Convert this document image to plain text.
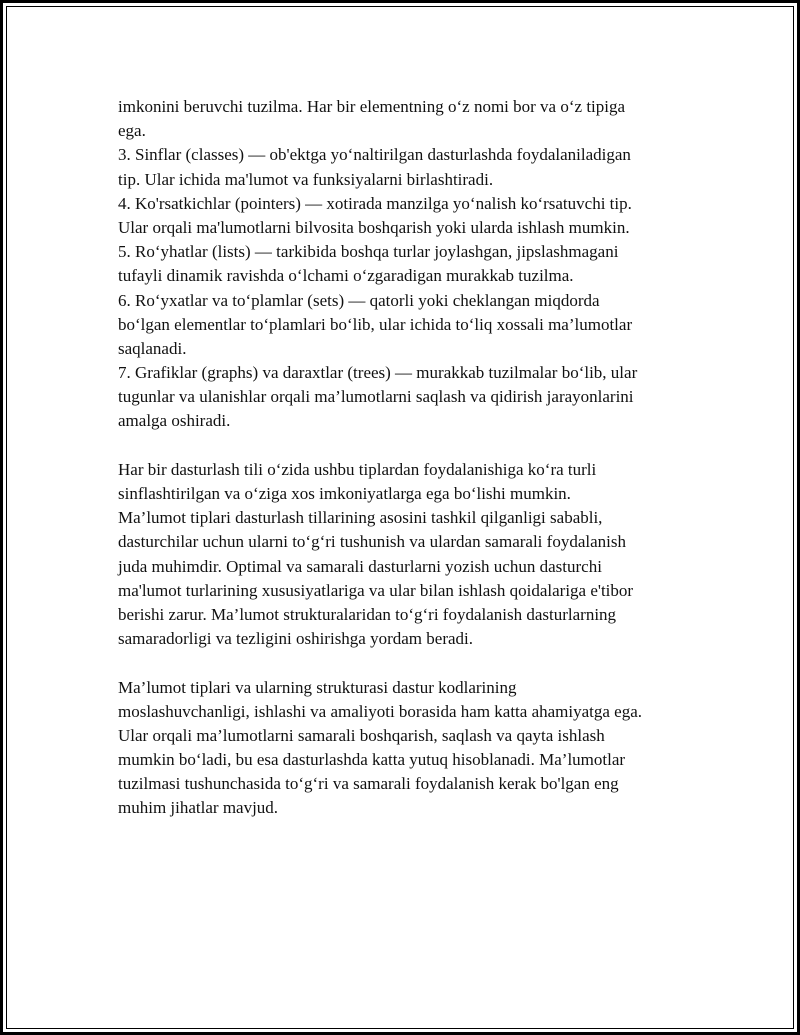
imkonini beruvchi tuzilma. Har bir elementning o‘z nomi bor va o‘z tipiga
ega.
3. Sinflar (classes) — ob'ektga yo‘naltirilgan dasturlashda foydalaniladigan
tip. Ular ichida ma'lumot va funksiyalarni birlashtiradi.
4. Ko'rsatkichlar (pointers) — xotirada manzilga yo‘nalish ko‘rsatuvchi tip.
Ular orqali ma'lumotlarni bilvosita boshqarish yoki ularda ishlash mumkin.
5. Ro‘yhatlar (lists) — tarkibida boshqa turlar joylashgan, jipslashmagani
tufayli dinamik ravishda o‘lchami o‘zgaradigan murakkab tuzilma.
6. Ro‘yxatlar va to‘plamlar (sets) — qatorli yoki cheklangan miqdorda
bo‘lgan elementlar to‘plamlari bo‘lib, ular ichida to‘liq xossali ma’lumotlar
saqlanadi.
7. Grafiklar (graphs) va daraxtlar (trees) — murakkab tuzilmalar bo‘lib, ular
tugunlar va ulanishlar orqali ma’lumotlarni saqlash va qidirish jarayonlarini
amalga oshiradi.
Har bir dasturlash tili o‘zida ushbu tiplardan foydalanishiga ko‘ra turli
sinflashtirilgan va o‘ziga xos imkoniyatlarga ega bo‘lishi mumkin.
Ma’lumot tiplari dasturlash tillarining asosini tashkil qilganligi sababli,
dasturchilar uchun ularni to‘g‘ri tushunish va ulardan samarali foydalanish
juda muhimdir. Optimal va samarali dasturlarni yozish uchun dasturchi
ma'lumot turlarining xususiyatlariga va ular bilan ishlash qoidalariga e'tibor
berishi zarur. Ma’lumot strukturalaridan to‘g‘ri foydalanish dasturlarning
samaradorligi va tezligini oshirishga yordam beradi.
Ma’lumot tiplari va ularning strukturasi dastur kodlarining
moslashuvchanligi, ishlashi va amaliyoti borasida ham katta ahamiyatga ega.
Ular orqali ma’lumotlarni samarali boshqarish, saqlash va qayta ishlash
mumkin bo‘ladi, bu esa dasturlashda katta yutuq hisoblanadi. Ma’lumotlar
tuzilmasi tushunchasida to‘g‘ri va samarali foydalanish kerak bo'lgan eng
muhim jihatlar mavjud.
